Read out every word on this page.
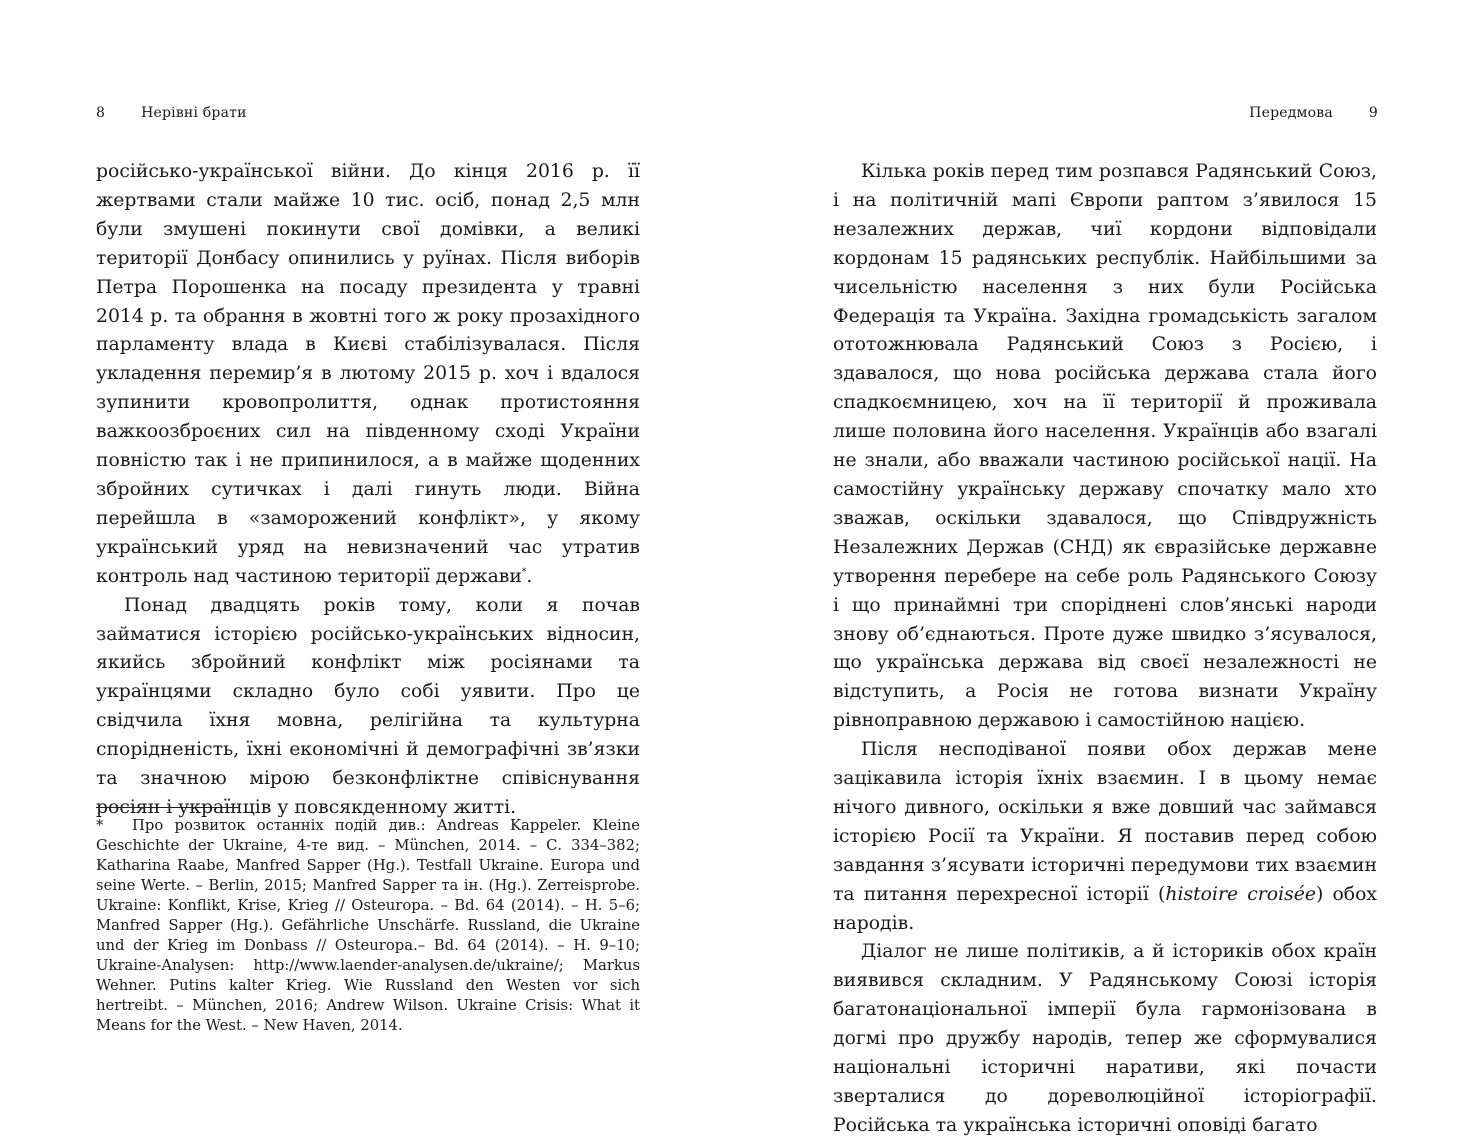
8	Нерівні брати

російсько-української війни. До кінця 2016 р. її жертвами стали майже 10 тис. осіб, понад 2,5 млн були змушені покинути свої домівки, а великі території Донбасу опинились у руїнах. Після виборів Петра Порошенка на посаду президента у травні 2014 р. та обрання в жовтні того ж року прозахідного парламенту влада в Києві стабілізувалася. Після укладення перемир’я в лютому 2015 р. хоч і вдалося зупинити кровопролиття, однак протистояння важкоозброєних сил на південному сході України повністю так і не припинилося, а в майже щоденних збройних сутичках і далі гинуть люди. Війна перейшла в «заморожений конфлікт», у якому український уряд на невизначений час утратив контроль над частиною території держави*.

Понад двадцять років тому, коли я почав займатися історією російсько-українських відносин, якийсь збройний конфлікт між росіянами та українцями складно було собі уявити. Про це свідчила їхня мовна, релігійна та культурна спорідненість, їхні економічні й демографічні зв’язки та значною мірою безконфліктне співіснування росіян і українців у повсякденному житті.

* Про розвиток останніх подій див.: Andreas Kappeler. Kleine Geschichte der Ukraine, 4-те вид. – München, 2014. – С. 334–382; Katharina Raabe, Manfred Sapper (Hg.). Testfall Ukraine. Europa und seine Werte. – Berlin, 2015; Manfred Sapper та ін. (Hg.). Zerreisprobe. Ukraine: Konflikt, Krise, Krieg // Osteuropa. – Bd. 64 (2014). – H. 5–6; Manfred Sapper (Hg.). Gefährliche Unschärfe. Russland, die Ukraine und der Krieg im Donbass // Osteuropa.– Bd. 64 (2014). – H. 9–10; Ukraine-Analysen: http://www.laender-analysen.de/ukraine/; Markus Wehner. Putins kalter Krieg. Wie Russland den Westen vor sich hertreibt. – München, 2016; Andrew Wilson. Ukraine Crisis: What it Means for the West. – New Haven, 2014.
Передмова	9

Кілька років перед тим розпався Радянський Союз, і на політичній мапі Європи раптом з’явилося 15 незалежних держав, чиї кордони відповідали кордонам 15 радянських республік. Найбільшими за чисельністю населення з них були Російська Федерація та Україна. Західна громадськість загалом ототожнювала Радянський Союз з Росією, і здавалося, що нова російська держава стала його спадкоємницею, хоч на її території й проживала лише половина його населення. Українців або взагалі не знали, або вважали частиною російської нації. На самостійну українську державу спочатку мало хто зважав, оскільки здавалося, що Співдружність Незалежних Держав (СНД) як євразійське державне утворення перебере на себе роль Радянського Союзу і що принаймні три споріднені слов’янські народи знову об’єднаються. Проте дуже швидко з’ясувалося, що українська держава від своєї незалежності не відступить, а Росія не готова визнати Україну рівноправною державою і самостійною нацією.

Після несподіваної появи обох держав мене зацікавила історія їхніх взаємин. І в цьому немає нічого дивного, оскільки я вже довший час займався історією Росії та України. Я поставив перед собою завдання з’ясувати історичні передумови тих взаємин та питання перехресної історії (histoire croisée) обох народів.

Діалог не лише політиків, а й істориків обох країн виявився складним. У Радянському Союзі історія багатонаціональної імперії була гармонізована в догмі про дружбу народів, тепер же сформувалися національні історичні наративи, які почасти зверталися до дореволюційної історіографії. Російська та українська історичні оповіді багато
